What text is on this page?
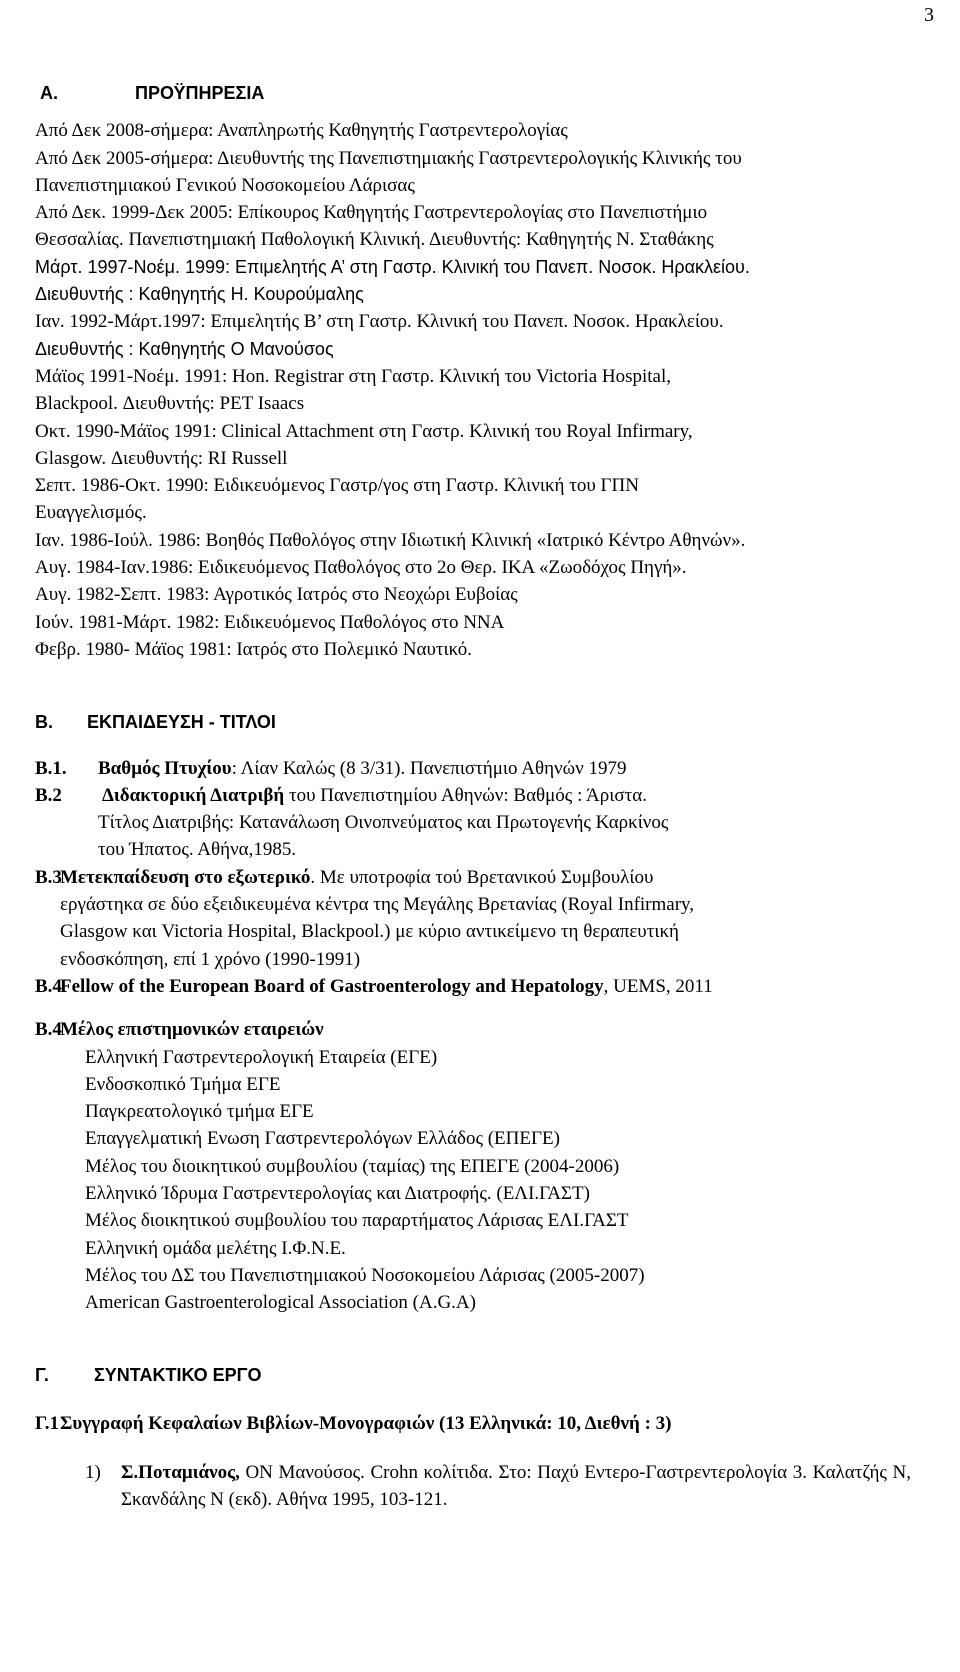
3
Α.	ΠΡΟΫΠΗΡΕΣΙΑ
Από Δεκ 2008-σήμερα: Αναπληρωτής Καθηγητής Γαστρεντερολογίας
Από Δεκ 2005-σήμερα: Διευθυντής της Πανεπιστημιακής Γαστρεντερολογικής Κλινικής του
Πανεπιστημιακού Γενικού Νοσοκομείου Λάρισας
Από Δεκ. 1999-Δεκ 2005: Επίκουρος Καθηγητής Γαστρεντερολογίας στο Πανεπιστήμιο
Θεσσαλίας. Πανεπιστημιακή Παθολογική Κλινική. Διευθυντής: Καθηγητής Ν. Σταθάκης
Μάρτ. 1997-Νοέμ. 1999: Επιμελητής Α’ στη Γαστρ. Κλινική του Πανεπ. Νοσοκ. Ηρακλείου.
Διευθυντής : Καθηγητής Η. Κουρούμαλης
Ιαν. 1992-Μάρτ.1997: Επιμελητής Β’ στη Γαστρ. Κλινική του Πανεπ. Νοσοκ. Ηρακλείου.
Διευθυντής : Καθηγητής Ο Μανούσος
Μάϊος 1991-Νοέμ. 1991: Hon. Registrar στη Γαστρ. Κλινική του Victoria Hospital,
Blackpool. Διευθυντής: PET Isaacs
Οκτ. 1990-Μάϊος 1991: Clinical Attachment στη Γαστρ. Κλινική του Royal Infirmary,
Glasgow. Διευθυντής: RI Russell
Σεπτ. 1986-Οκτ. 1990: Ειδικευόμενος Γαστρ/γος στη Γαστρ. Κλινική του ΓΠΝ
Ευαγγελισμός.
Ιαν. 1986-Ιούλ. 1986: Βοηθός Παθολόγος στην Ιδιωτική Κλινική «Ιατρικό Κέντρο Αθηνών».
Αυγ. 1984-Ιαν.1986: Ειδικευόμενος Παθολόγος στο 2ο Θερ. ΙΚΑ «Ζωοδόχος Πηγή».
Αυγ. 1982-Σεπτ. 1983: Αγροτικός Ιατρός στο Νεοχώρι Ευβοίας
Ιούν. 1981-Μάρτ. 1982: Ειδικευόμενος Παθολόγος στο ΝΝΑ
Φεβρ. 1980- Μάϊος 1981: Ιατρός στο Πολεμικό Ναυτικό.
Β.	ΕΚΠΑΙΔΕΥΣΗ - ΤΙΤΛΟΙ
Β.1.	Βαθμός Πτυχίου: Λίαν Καλώς (8 3/31). Πανεπιστήμιο Αθηνών 1979
Β.2	Διδακτορική Διατριβή του Πανεπιστημίου Αθηνών: Βαθμός : Άριστα.
Τίτλος Διατριβής: Κατανάλωση Οινοπνεύματος και Πρωτογενής Καρκίνος
του Ήπατος. Αθήνα,1985.
Β.3
Μετεκπαίδευση στο εξωτερικό. Με υποτροφία τού Βρετανικού Συμβουλίου
εργάστηκα σε δύο εξειδικευμένα κέντρα της Μεγάλης Βρετανίας (Royal Infirmary,
Glasgow και Victoria Hospital, Blackpool.) με κύριο αντικείμενο τη θεραπευτική
ενδοσκόπηση, επί 1 χρόνο (1990-1991)
Β.4
Fellow of the European Board of Gastroenterology and Hepatology, UEMS, 2011
Β.4
Μέλος επιστημονικών εταιρειών
Ελληνική Γαστρεντερολογική Εταιρεία (ΕΓΕ)
Ενδοσκοπικό Τμήμα ΕΓΕ
Παγκρεατολογικό τμήμα ΕΓΕ
Επαγγελματική Ενωση Γαστρεντερολόγων Ελλάδος (ΕΠΕΓΕ)
Μέλος του διοικητικού συμβουλίου (ταμίας) της ΕΠΕΓΕ (2004-2006)
Ελληνικό Ίδρυμα Γαστρεντερολογίας και Διατροφής. (ΕΛΙ.ΓΑΣΤ)
Μέλος διοικητικού συμβουλίου του παραρτήματος Λάρισας ΕΛΙ.ΓΑΣΤ
Ελληνική ομάδα μελέτης Ι.Φ.Ν.Ε.
Μέλος του ΔΣ του Πανεπιστημιακού Νοσοκομείου Λάρισας (2005-2007)
American Gastroenterological Association (A.G.A)
Γ.	ΣΥΝΤΑΚΤΙΚΟ ΕΡΓΟ
Γ.1 Συγγραφή Κεφαλαίων Βιβλίων-Μονογραφιών (13 Ελληνικά: 10, Διεθνή : 3)
1)	Σ.Ποταμιάνος, ΟΝ Μανούσος. Crohn κολίτιδα. Στο: Παχύ Εντερο-Γαστρεντερολογία 3. Καλατζής Ν, Σκανδάλης Ν (εκδ). Αθήνα 1995, 103-121.
